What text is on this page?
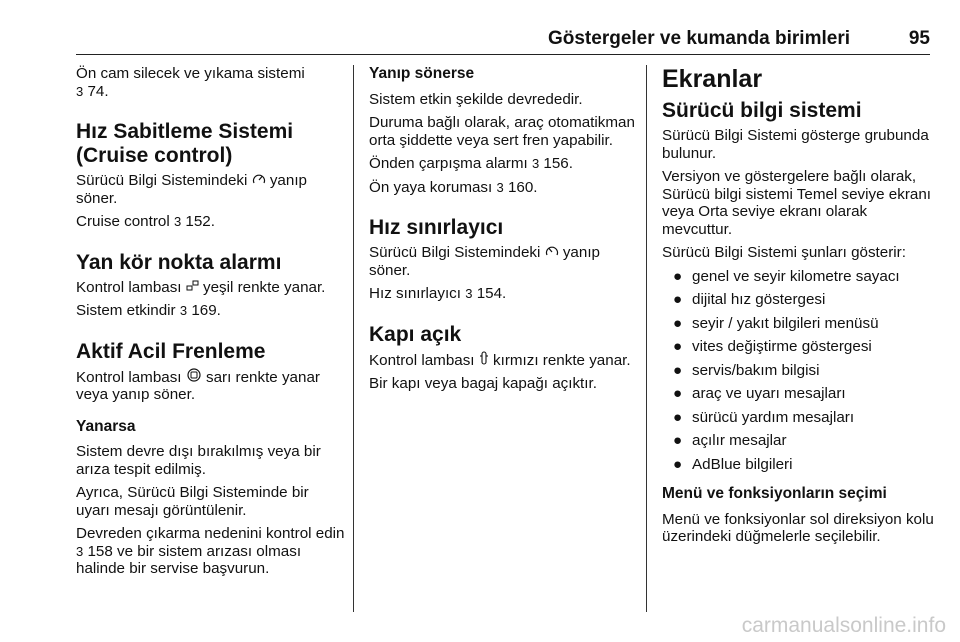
Göstergeler ve kumanda birimleri	95

Ön cam silecek ve yıkama sistemi
3 74.

Hız Sabitleme Sistemi (Cruise control)

Sürücü Bilgi Sistemindeki yanıp söner.

Cruise control 3 152.

Yan kör nokta alarmı

Kontrol lambası yeşil renkte yanar.

Sistem etkindir 3 169.

Aktif Acil Frenleme

Kontrol lambası sarı renkte yanar veya yanıp söner.

Yanarsa

Sistem devre dışı bırakılmış veya bir arıza tespit edilmiş.

Ayrıca, Sürücü Bilgi Sisteminde bir uyarı mesajı görüntülenir.

Devreden çıkarma nedenini kontrol edin 3 158 ve bir sistem arızası olması halinde bir servise başvurun.

Yanıp sönerse

Sistem etkin şekilde devrededir.

Duruma bağlı olarak, araç otomatikman orta şiddette veya sert fren yapabilir.

Önden çarpışma alarmı 3 156.

Ön yaya koruması 3 160.

Hız sınırlayıcı

Sürücü Bilgi Sistemindeki yanıp söner.

Hız sınırlayıcı 3 154.

Kapı açık

Kontrol lambası kırmızı renkte yanar.

Bir kapı veya bagaj kapağı açıktır.

Ekranlar
Sürücü bilgi sistemi

Sürücü Bilgi Sistemi gösterge grubunda bulunur.

Versiyon ve göstergelere bağlı olarak, Sürücü bilgi sistemi Temel seviye ekranı veya Orta seviye ekranı olarak mevcuttur.

Sürücü Bilgi Sistemi şunları gösterir:

● genel ve seyir kilometre sayacı
● dijital hız göstergesi
● seyir / yakıt bilgileri menüsü
● vites değiştirme göstergesi
● servis/bakım bilgisi
● araç ve uyarı mesajları
● sürücü yardım mesajları
● açılır mesajlar
● AdBlue bilgileri
Menü ve fonksiyonların seçimi

Menü ve fonksiyonlar sol direksiyon kolu üzerindeki düğmelerle seçilebilir.

carmanualsonline.info
